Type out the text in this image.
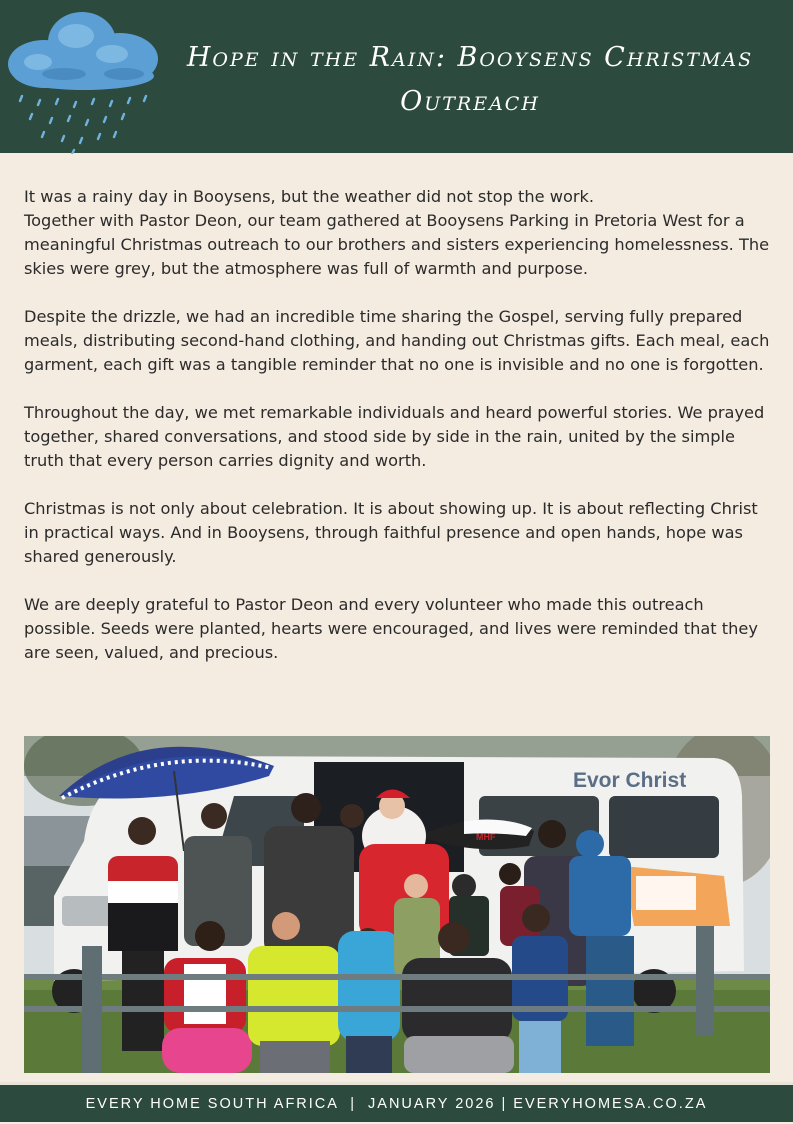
Hope in the Rain: Booysens Christmas Outreach

It was a rainy day in Booysens, but the weather did not stop the work.
Together with Pastor Deon, our team gathered at Booysens Parking in Pretoria West for a meaningful Christmas outreach to our brothers and sisters experiencing homelessness. The skies were grey, but the atmosphere was full of warmth and purpose.

Despite the drizzle, we had an incredible time sharing the Gospel, serving fully prepared meals, distributing second-hand clothing, and handing out Christmas gifts. Each meal, each garment, each gift was a tangible reminder that no one is invisible and no one is forgotten.

Throughout the day, we met remarkable individuals and heard powerful stories. We prayed together, shared conversations, and stood side by side in the rain, united by the simple truth that every person carries dignity and worth.

Christmas is not only about celebration. It is about showing up. It is about reflecting Christ in practical ways. And in Booysens, through faithful presence and open hands, hope was shared generously.

We are deeply grateful to Pastor Deon and every volunteer who made this outreach possible. Seeds were planted, hearts were encouraged, and lives were reminded that they are seen, valued, and precious.

Evor Christ
MHF
EVERY HOME SOUTH AFRICA  |  JANUARY 2026 | EVERYHOMESA.CO.ZA
